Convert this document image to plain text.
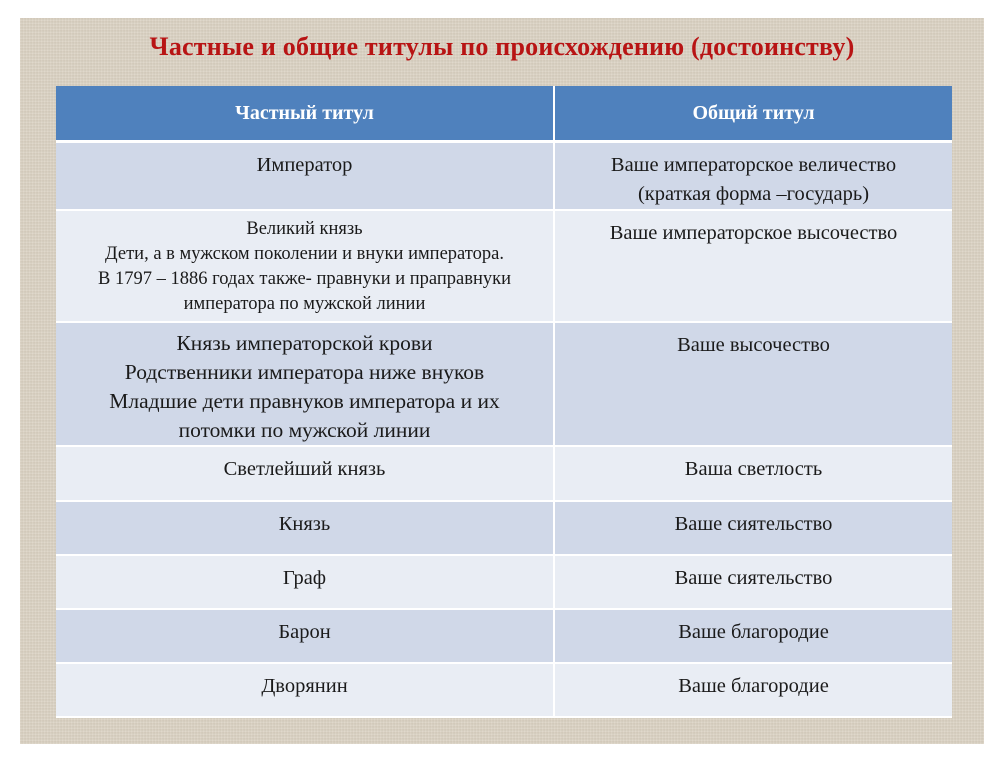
Частные и общие титулы по происхождению (достоинству)
Частный титул	Общий титул

Император	Ваше императорское величество
(краткая форма –государь)

Великий князь
Дети, а в мужском поколении и внуки императора.
В 1797 – 1886 годах также- правнуки и праправнуки
императора по мужской линии	Ваше императорское высочество

Князь императорской крови
Родственники императора ниже внуков
Младшие дети правнуков императора и их
потомки по мужской линии	Ваше высочество

Светлейший князь	Ваша светлость

Князь	Ваше сиятельство

Граф	Ваше сиятельство

Барон	Ваше благородие

Дворянин	Ваше благородие
